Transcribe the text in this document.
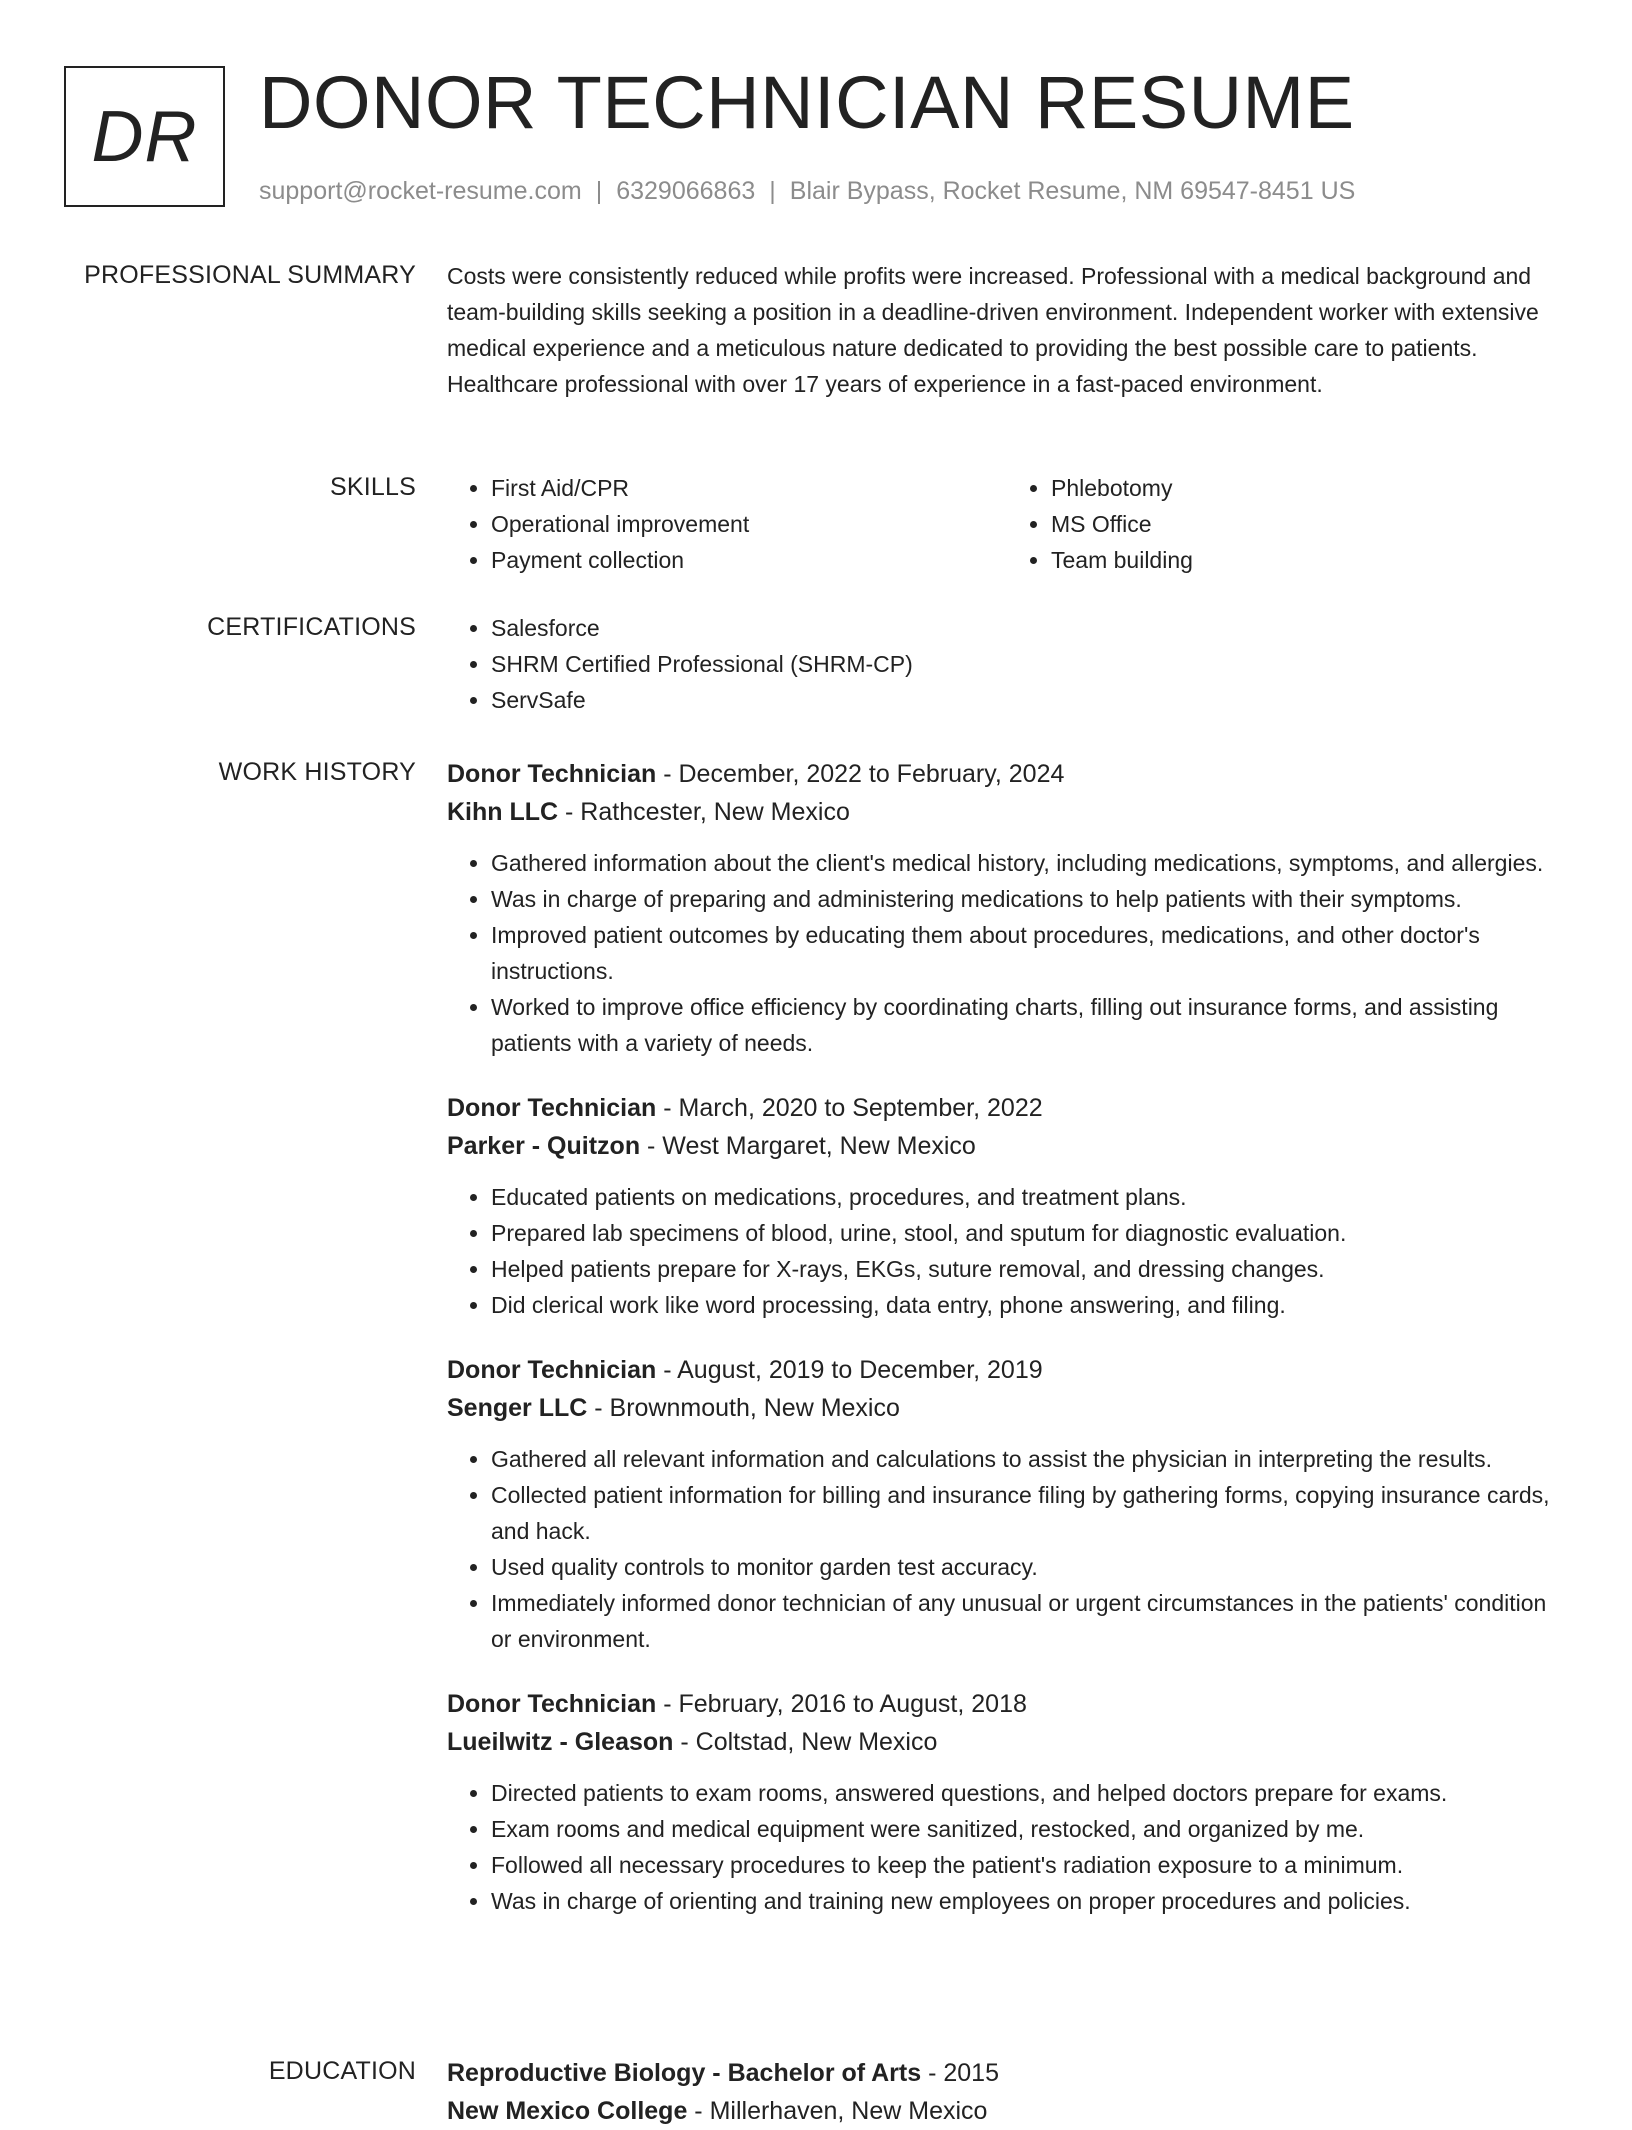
DR DONOR TECHNICIAN RESUME
support@rocket-resume.com | 6329066863 | Blair Bypass, Rocket Resume, NM 69547-8451 US
PROFESSIONAL SUMMARY Costs were consistently reduced while profits were increased. Professional with a medical background and team-building skills seeking a position in a deadline-driven environment. Independent worker with extensive medical experience and a meticulous nature dedicated to providing the best possible care to patients. Healthcare professional with over 17 years of experience in a fast-paced environment.

SKILLS	• First Aid/CPR
• Operational improvement
• Payment collection
• Phlebotomy
• MS Office
• Team building
CERTIFICATIONS	• Salesforce
• SHRM Certified Professional (SHRM-CP)
• ServSafe
WORK HISTORY Donor Technician - December, 2022 to February, 2024
Kihn LLC - Rathcester, New Mexico
• Gathered information about the client's medical history, including medications, symptoms, and allergies.
• Was in charge of preparing and administering medications to help patients with their symptoms.
• Improved patient outcomes by educating them about procedures, medications, and other doctor's instructions.
• Worked to improve office efficiency by coordinating charts, filling out insurance forms, and assisting patients with a variety of needs.
Donor Technician - March, 2020 to September, 2022
Parker - Quitzon - West Margaret, New Mexico
• Educated patients on medications, procedures, and treatment plans.
• Prepared lab specimens of blood, urine, stool, and sputum for diagnostic evaluation.
• Helped patients prepare for X-rays, EKGs, suture removal, and dressing changes.
• Did clerical work like word processing, data entry, phone answering, and filing.
Donor Technician - August, 2019 to December, 2019
Senger LLC - Brownmouth, New Mexico
• Gathered all relevant information and calculations to assist the physician in interpreting the results.
• Collected patient information for billing and insurance filing by gathering forms, copying insurance cards, and hack.
• Used quality controls to monitor garden test accuracy.
• Immediately informed donor technician of any unusual or urgent circumstances in the patients' condition or environment.
Donor Technician - February, 2016 to August, 2018
Lueilwitz - Gleason - Coltstad, New Mexico
• Directed patients to exam rooms, answered questions, and helped doctors prepare for exams.
• Exam rooms and medical equipment were sanitized, restocked, and organized by me.
• Followed all necessary procedures to keep the patient's radiation exposure to a minimum.
• Was in charge of orienting and training new employees on proper procedures and policies.
EDUCATION Reproductive Biology - Bachelor of Arts - 2015
New Mexico College - Millerhaven, New Mexico
